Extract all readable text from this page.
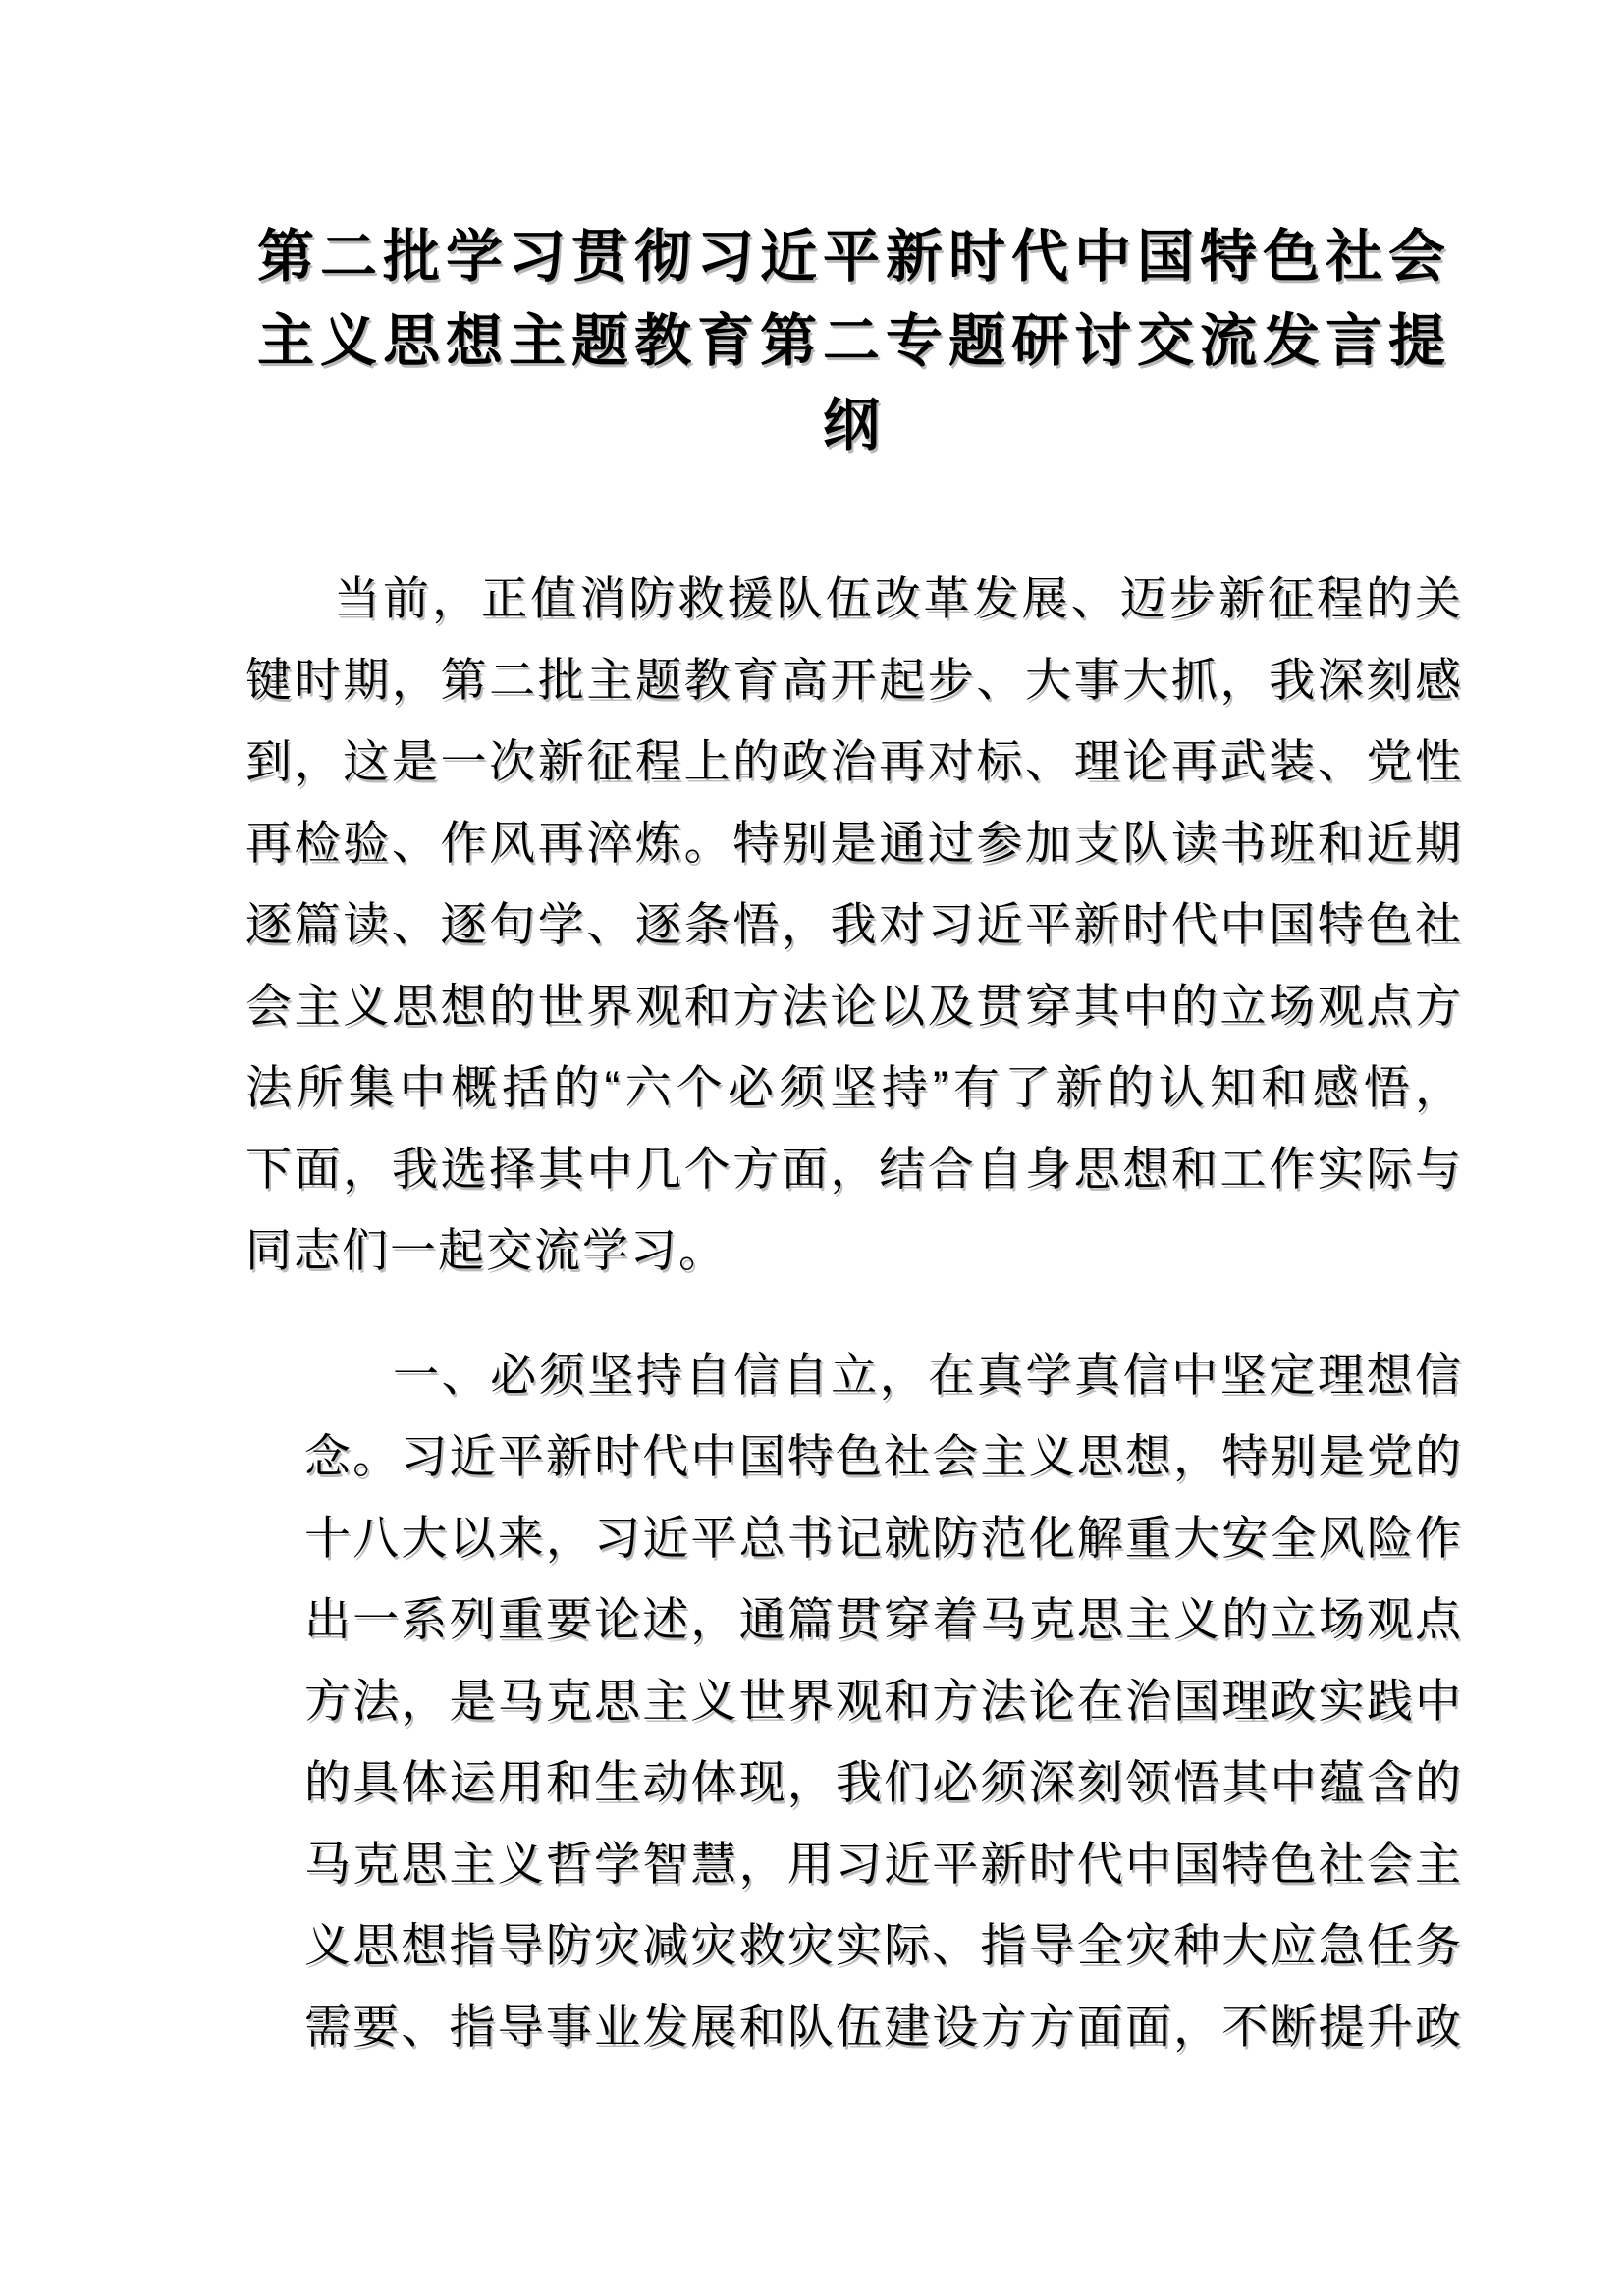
第二批学习贯彻习近平新时代中国特色社会主义思想主题教育第二专题研讨交流发言提纲
当前，正值消防救援队伍改革发展、迈步新征程的关
键时期，第二批主题教育高开起步、大事大抓，我深刻感
到，这是一次新征程上的政治再对标、理论再武装、党性
再检验、作风再淬炼。特别是通过参加支队读书班和近期
逐篇读、逐句学、逐条悟，我对习近平新时代中国特色社
会主义思想的世界观和方法论以及贯穿其中的立场观点方
法所集中概括的“六个必须坚持”有了新的认知和感悟，
下面，我选择其中几个方面，结合自身思想和工作实际与
同志们一起交流学习。
一、必须坚持自信自立，在真学真信中坚定理想信
念。习近平新时代中国特色社会主义思想，特别是党的
十八大以来，习近平总书记就防范化解重大安全风险作
出一系列重要论述，通篇贯穿着马克思主义的立场观点
方法，是马克思主义世界观和方法论在治国理政实践中
的具体运用和生动体现，我们必须深刻领悟其中蕴含的
马克思主义哲学智慧，用习近平新时代中国特色社会主
义思想指导防灾减灾救灾实际、指导全灾种大应急任务
需要、指导事业发展和队伍建设方方面面，不断提升政
